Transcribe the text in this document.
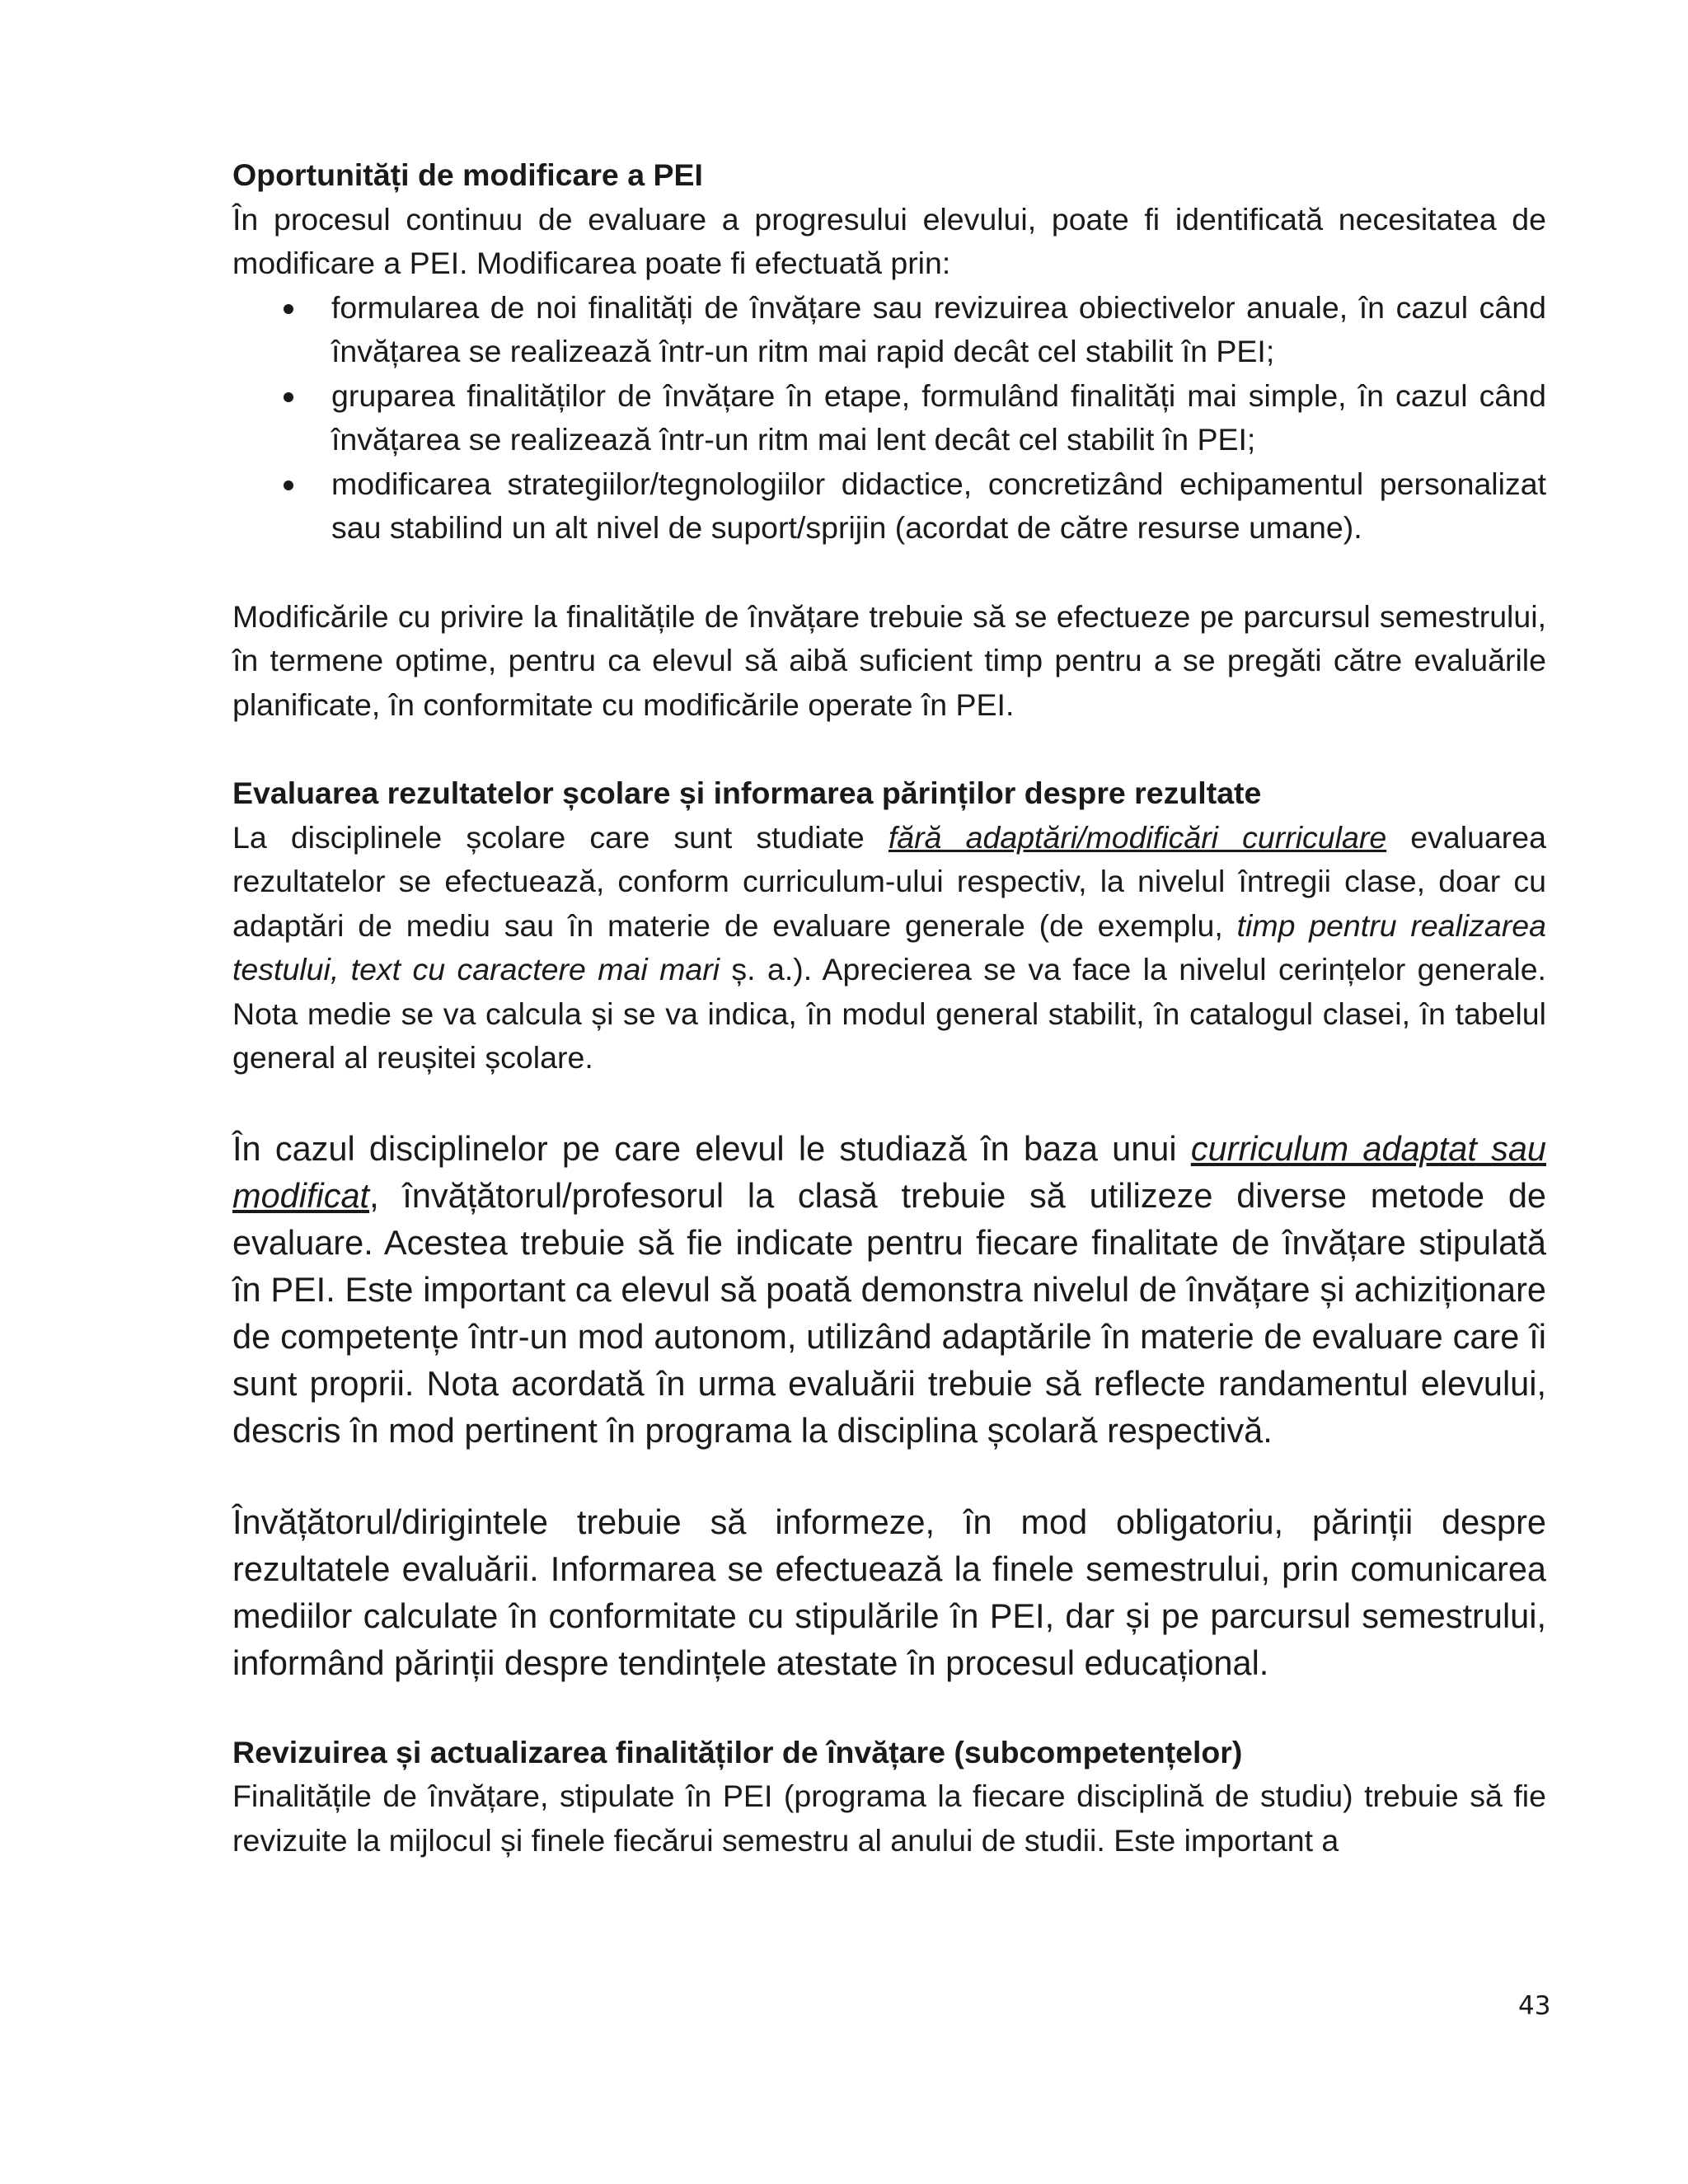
Oportunități de modificare a PEI

În procesul continuu de evaluare a progresului elevului, poate fi identificată necesitatea de modificare a PEI. Modificarea poate fi efectuată prin:

formularea de noi finalități de învățare sau revizuirea obiectivelor anuale, în cazul când învățarea se realizează într-un ritm mai rapid decât cel stabilit în PEI;
gruparea finalităților de învățare în etape, formulând finalități mai simple, în cazul când învățarea se realizează într-un ritm mai lent decât cel stabilit în PEI;
modificarea strategiilor/tegnologiilor didactice, concretizând echipamentul personalizat sau stabilind un alt nivel de suport/sprijin (acordat de către resurse umane).

Modificările cu privire la finalitățile de învățare trebuie să se efectueze pe parcursul semestrului, în termene optime, pentru ca elevul să aibă suficient timp pentru a se pregăti către evaluările planificate, în conformitate cu modificările operate în PEI.

Evaluarea rezultatelor școlare și informarea părinților despre rezultate

La disciplinele școlare care sunt studiate fără adaptări/modificări curriculare evaluarea rezultatelor se efectuează, conform curriculum-ului respectiv, la nivelul întregii clase, doar cu adaptări de mediu sau în materie de evaluare generale (de exemplu, timp pentru realizarea testului, text cu caractere mai mari ș. a.). Aprecierea se va face la nivelul cerințelor generale. Nota medie se va calcula și se va indica, în modul general stabilit, în catalogul clasei, în tabelul general al reușitei școlare.

În cazul disciplinelor pe care elevul le studiază în baza unui curriculum adaptat sau modificat, învățătorul/profesorul la clasă trebuie să utilizeze diverse metode de evaluare. Acestea trebuie să fie indicate pentru fiecare finalitate de învățare stipulată în PEI. Este important ca elevul să poată demonstra nivelul de învățare și achiziționare de competențe într-un mod autonom, utilizând adaptările în materie de evaluare care îi sunt proprii. Nota acordată în urma evaluării trebuie să reflecte randamentul elevului, descris în mod pertinent în programa la disciplina școlară respectivă.

Învățătorul/dirigintele trebuie să informeze, în mod obligatoriu, părinții despre rezultatele evaluării. Informarea se efectuează la finele semestrului, prin comunicarea mediilor calculate în conformitate cu stipulările în PEI, dar și pe parcursul semestrului, informând părinții despre tendințele atestate în procesul educațional.

Revizuirea și actualizarea finalităților de învățare (subcompetențelor)

Finalitățile de învățare, stipulate în PEI (programa la fiecare disciplină de studiu) trebuie să fie revizuite la mijlocul și finele fiecărui semestru al anului de studii. Este important a

43
